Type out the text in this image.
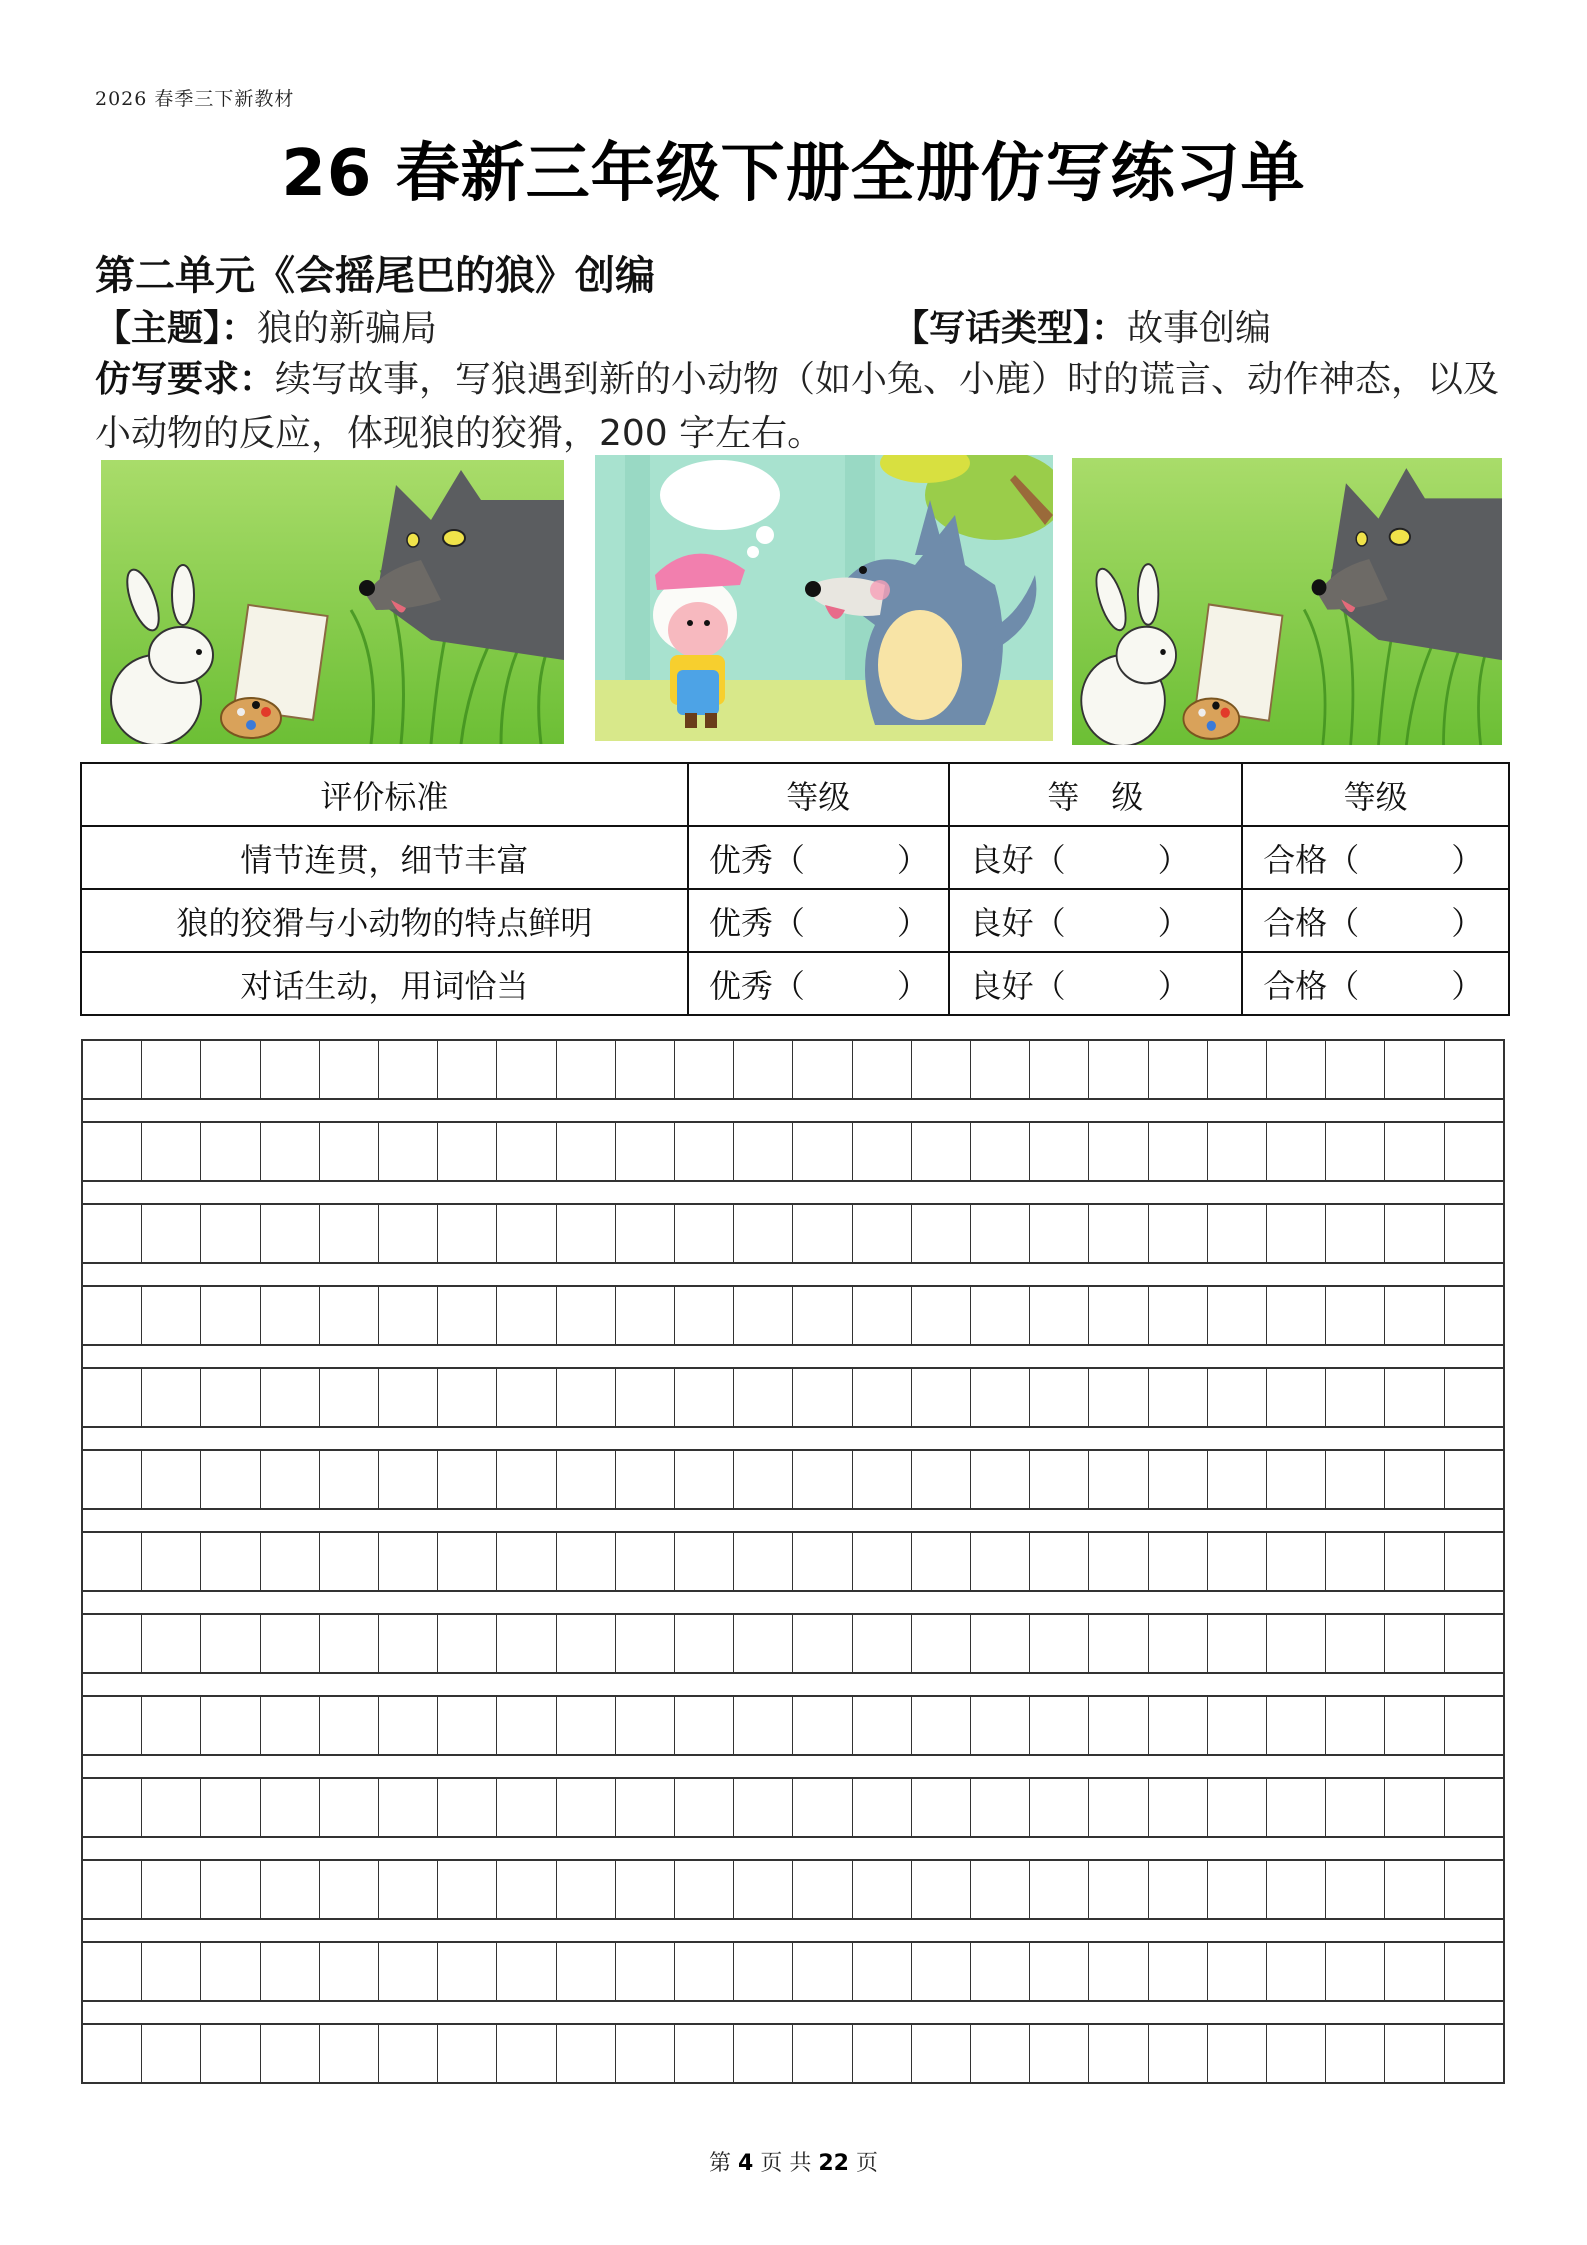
2026 春季三下新教材
26 春新三年级下册全册仿写练习单
第二单元《会摇尾巴的狼》创编
【主题】：狼的新骗局	【写话类型】：故事创编
仿写要求：续写故事，写狼遇到新的小动物（如小兔、小鹿）时的谎言、动作神态，以及小动物的反应，体现狼的狡猾，200 字左右。
评价标准	等级	等　级	等级
情节连贯，细节丰富	优秀（ ）	良好（ ）	合格（ ）
狼的狡猾与小动物的特点鲜明	优秀（ ）	良好（ ）	合格（ ）
对话生动，用词恰当	优秀（ ）	良好（ ）	合格（ ）
第 4 页 共 22 页
